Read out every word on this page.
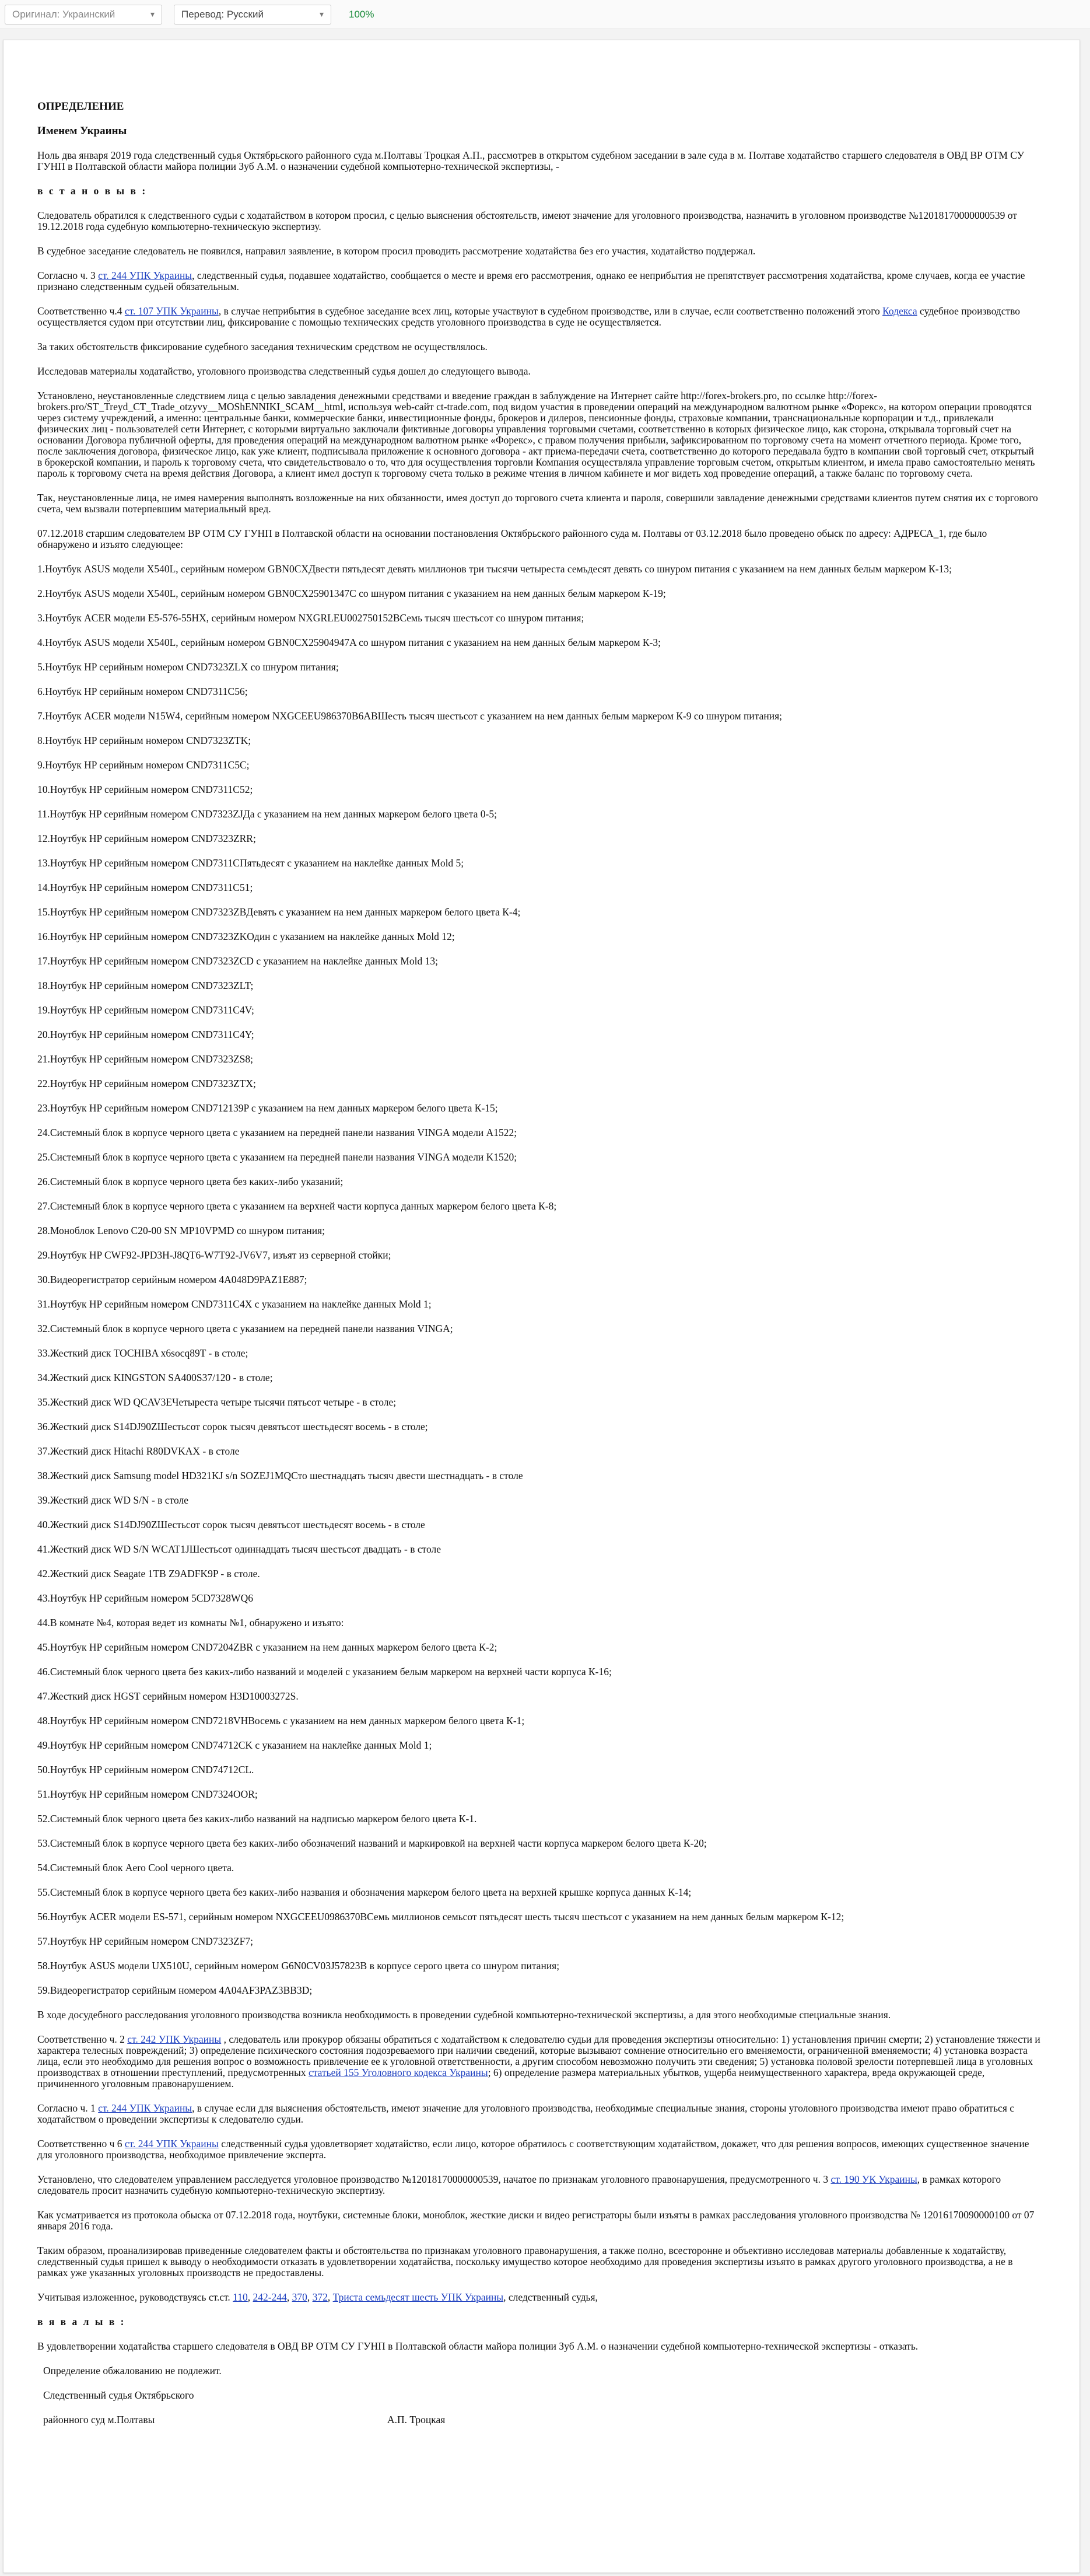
Оригинал: Украинский	▾	Перевод: Русский	▾	100%

ОПРЕДЕЛЕНИЕ

Именем Украины

Ноль два января 2019 года следственный судья Октябрьского районного суда м.Полтавы Троцкая А.П., рассмотрев в открытом судебном заседании в зале суда в м. Полтаве ходатайство старшего следователя в ОВД ВР ОТМ СУ ГУНП в Полтавской области майора полиции Зуб А.М. о назначении судебной компьютерно-технической экспертизы, -

в с т а н о в ы в :

Следователь обратился к следственного судьи с ходатайством в котором просил, с целью выяснения обстоятельств, имеют значение для уголовного производства, назначить в уголовном производстве №12018170000000539 от 19.12.2018 года судебную компьютерно-техническую экспертизу.

В судебное заседание следователь не появился, направил заявление, в котором просил проводить рассмотрение ходатайства без его участия, ходатайство поддержал.

Согласно ч. 3 ст. 244 УПК Украины, следственный судья, подавшее ходатайство, сообщается о месте и время его рассмотрения, однако ее неприбытия не препятствует рассмотрения ходатайства, кроме случаев, когда ее участие признано следственным судьей обязательным.

Соответственно ч.4 ст. 107 УПК Украины, в случае неприбытия в судебное заседание всех лиц, которые участвуют в судебном производстве, или в случае, если соответственно положений этого Кодекса судебное производство осуществляется судом при отсутствии лиц, фиксирование с помощью технических средств уголовного производства в суде не осуществляется.

За таких обстоятельств фиксирование судебного заседания техническим средством не осуществлялось.

Исследовав материалы ходатайство, уголовного производства следственный судья дошел до следующего вывода.

Установлено, неустановленные следствием лица с целью завладения денежными средствами и введение граждан в заблуждение на Интернет сайте http://forex-brokers.pro, по ссылке http://forex-brokers.pro/ST_Treyd_CT_Trade_otzyvy__MOShENNIKI_SCAM__html, используя web-сайт ct-trade.com, под видом участия в проведении операций на международном валютном рынке «Форекс», на котором операции проводятся через систему учреждений, а именно: центральные банки, коммерческие банки, инвестиционные фонды, брокеров и дилеров, пенсионные фонды, страховые компании, транснациональные корпорации и т.д., привлекали физических лиц - пользователей сети Интернет, с которыми виртуально заключали фиктивные договоры управления торговыми счетами, соответственно в которых физическое лицо, как сторона, открывала торговый счет на основании Договора публичной оферты, для проведения операций на международном валютном рынке «Форекс», с правом получения прибыли, зафиксированном по торговому счета на момент отчетного периода. Кроме того, после заключения договора, физическое лицо, как уже клиент, подписывала приложение к основного договора - акт приема-передачи счета, соответственно до которого передавала будто в компании свой торговый счет, открытый в брокерской компании, и пароль к торговому счета, что свидетельствовало о то, что для осуществления торговли Компания осуществляла управление торговым счетом, открытым клиентом, и имела право самостоятельно менять пароль к торговому счета на время действия Договора, а клиент имел доступ к торговому счета только в режиме чтения в личном кабинете и мог видеть ход проведение операций, а также баланс по торговому счета.

Так, неустановленные лица, не имея намерения выполнять возложенные на них обязанности, имея доступ до торгового счета клиента и пароля, совершили завладение денежными средствами клиентов путем снятия их с торгового счета, чем вызвали потерпевшим материальный вред.

07.12.2018 старшим следователем ВР ОТМ СУ ГУНП в Полтавской области на основании постановления Октябрьского районного суда м. Полтавы от 03.12.2018 было проведено обыск по адресу: АДРЕСА_1, где было обнаружено и изъято следующее:

1.Ноутбук ASUS модели X540L, серийным номером GBN0CXДвести пятьдесят девять миллионов три тысячи четыреста семьдесят девять со шнуром питания с указанием на нем данных белым маркером К-13;

2.Ноутбук ASUS модели X540L, серийным номером GBN0CX25901347C со шнуром питания с указанием на нем данных белым маркером К-19;

3.Ноутбук ACER модели E5-576-55HX, серийным номером NXGRLEU002750152BCемь тысяч шестьсот со шнуром питания;

4.Ноутбук ASUS модели X540L, серийным номером GBN0CX25904947A со шнуром питания с указанием на нем данных белым маркером К-3;

5.Ноутбук HP серийным номером CND7323ZLX со шнуром питания;

6.Ноутбук HP серийным номером CND7311C56;

7.Ноутбук ACER модели N15W4, серийным номером NXGCEEU986370B6ABШесть тысяч шестьсот с указанием на нем данных белым маркером К-9 со шнуром питания;

8.Ноутбук HP серийным номером CND7323ZTK;

9.Ноутбук HP серийным номером CND7311C5C;

10.Ноутбук HP серийным номером CND7311C52;

11.Ноутбук HP серийным номером CND7323ZJДа с указанием на нем данных маркером белого цвета 0-5;

12.Ноутбук HP серийным номером CND7323ZRR;

13.Ноутбук HP серийным номером CND7311CПятьдесят с указанием на наклейке данных Mold 5;

14.Ноутбук HP серийным номером CND7311C51;

15.Ноутбук HP серийным номером CND7323ZBДевять с указанием на нем данных маркером белого цвета К-4;

16.Ноутбук HP серийным номером CND7323ZKOдин с указанием на наклейке данных Mold 12;

17.Ноутбук HP серийным номером CND7323ZCD с указанием на наклейке данных Mold 13;

18.Ноутбук HP серийным номером CND7323ZLT;

19.Ноутбук HP серийным номером CND7311C4V;

20.Ноутбук HP серийным номером CND7311C4Y;

21.Ноутбук HP серийным номером CND7323ZS8;

22.Ноутбук HP серийным номером CND7323ZTX;

23.Ноутбук HP серийным номером CND712139P с указанием на нем данных маркером белого цвета К-15;

24.Системный блок в корпусе черного цвета с указанием на передней панели названия VINGA модели A1522;

25.Системный блок в корпусе черного цвета с указанием на передней панели названия VINGA модели K1520;

26.Системный блок в корпусе черного цвета без каких-либо указаний;

27.Системный блок в корпусе черного цвета с указанием на верхней части корпуса данных маркером белого цвета К-8;

28.Моноблок Lenovo C20-00 SN MP10VPMD со шнуром питания;

29.Ноутбук HP CWF92-JPD3H-J8QT6-W7T92-JV6V7, изъят из серверной стойки;

30.Видеорегистратор серийным номером 4A048D9PAZ1E887;

31.Ноутбук HP серийным номером CND7311C4X с указанием на наклейке данных Mold 1;

32.Системный блок в корпусе черного цвета с указанием на передней панели названия VINGA;

33.Жесткий диск TOCHIBA x6socq89T - в столе;

34.Жесткий диск KINGSTON SA400S37/120 - в столе;

35.Жесткий диск WD QCAV3EЧетыреста четыре тысячи пятьсот четыре - в столе;

36.Жесткий диск S14DJ90ZШестьсот сорок тысяч девятьсот шестьдесят восемь - в столе;

37.Жесткий диск Hitachi R80DVKAX - в столе

38.Жесткий диск Samsung model HD321KJ s/n SOZEJ1MQСто шестнадцать тысяч двести шестнадцать - в столе

39.Жесткий диск WD S/N - в столе

40.Жесткий диск S14DJ90ZШестьсот сорок тысяч девятьсот шестьдесят восемь - в столе

41.Жесткий диск WD S/N WCAT1JШестьсот одиннадцать тысяч шестьсот двадцать - в столе

42.Жесткий диск Seagate 1TB Z9ADFK9P - в столе.

43.Ноутбук HP серийным номером 5CD7328WQ6

44.В комнате №4, которая ведет из комнаты №1, обнаружено и изъято:

45.Ноутбук HP серийным номером CND7204ZBR с указанием на нем данных маркером белого цвета К-2;

46.Системный блок черного цвета без каких-либо названий и моделей с указанием белым маркером на верхней части корпуса К-16;

47.Жесткий диск HGST серийным номером H3D10003272S.

48.Ноутбук HP серийным номером CND7218VHВосемь с указанием на нем данных маркером белого цвета К-1;

49.Ноутбук HP серийным номером CND74712CK с указанием на наклейке данных Mold 1;

50.Ноутбук HP серийным номером CND74712CL.

51.Ноутбук HP серийным номером CND7324OOR;

52.Системный блок черного цвета без каких-либо названий на надписью маркером белого цвета К-1.

53.Системный блок в корпусе черного цвета без каких-либо обозначений названий и маркировкой на верхней части корпуса маркером белого цвета К-20;

54.Системный блок Aero Cool черного цвета.

55.Системный блок в корпусе черного цвета без каких-либо названия и обозначения маркером белого цвета на верхней крышке корпуса данных К-14;

56.Ноутбук ACER модели ES-571, серийным номером NXGCEEU0986370BCемь миллионов семьсот пятьдесят шесть тысяч шестьсот с указанием на нем данных белым маркером К-12;

57.Ноутбук HP серийным номером CND7323ZF7;

58.Ноутбук ASUS модели UX510U, серийным номером G6N0CV03J57823B в корпусе серого цвета со шнуром питания;

59.Видеорегистратор серийным номером 4A04AF3PAZ3BB3D;

В ходе досудебного расследования уголовного производства возникла необходимость в проведении судебной компьютерно-технической экспертизы, а для этого необходимые специальные знания.

Соответственно ч. 2 ст. 242 УПК Украины , следователь или прокурор обязаны обратиться с ходатайством к следователю судьи для проведения экспертизы относительно: 1) установления причин смерти; 2) установление тяжести и характера телесных повреждений; 3) определение психического состояния подозреваемого при наличии сведений, которые вызывают сомнение относительно его вменяемости, ограниченной вменяемости; 4) установка возраста лица, если это необходимо для решения вопрос о возможность привлечение ее к уголовной ответственности, а другим способом невозможно получить эти сведения; 5) установка половой зрелости потерпевшей лица в уголовных производствах в отношении преступлений, предусмотренных статьей 155 Уголовного кодекса Украины; 6) определение размера материальных убытков, ущерба неимущественного характера, вреда окружающей среде, причиненного уголовным правонарушением.

Согласно ч. 1 ст. 244 УПК Украины, в случае если для выяснения обстоятельств, имеют значение для уголовного производства, необходимые специальные знания, стороны уголовного производства имеют право обратиться с ходатайством о проведении экспертизы к следователю судьи.

Соответственно ч 6 ст. 244 УПК Украины следственный судья удовлетворяет ходатайство, если лицо, которое обратилось с соответствующим ходатайством, докажет, что для решения вопросов, имеющих существенное значение для уголовного производства, необходимое привлечение эксперта.

Установлено, что следователем управлением расследуется уголовное производство №12018170000000539, начатое по признакам уголовного правонарушения, предусмотренного ч. 3 ст. 190 УК Украины, в рамках которого следователь просит назначить судебную компьютерно-техническую экспертизу.

Как усматривается из протокола обыска от 07.12.2018 года, ноутбуки, системные блоки, моноблок, жесткие диски и видео регистраторы были изъяты в рамках расследования уголовного производства № 12016170090000100 от 07 января 2016 года.

Таким образом, проанализировав приведенные следователем факты и обстоятельства по признакам уголовного правонарушения, а также полно, всесторонне и объективно исследовав материалы добавленные к ходатайству, следственный судья пришел к выводу о необходимости отказать в удовлетворении ходатайства, поскольку имущество которое необходимо для проведения экспертизы изъято в рамках другого уголовного производства, а не в рамках уже указанных уголовных производств не предоставлены.

Учитывая изложенное, руководствуясь ст.ст. 110, 242-244, 370, 372, Триста семьдесят шесть УПК Украины, следственный судья,

в я в а л ы в :

В удовлетворении ходатайства старшего следователя в ОВД ВР ОТМ СУ ГУНП в Полтавской области майора полиции Зуб А.М. о назначении судебной компьютерно-технической экспертизы - отказать.

Определение обжалованию не подлежит.

Следственный судья Октябрьского

районного суд м.Полтавы	А.П. Троцкая
